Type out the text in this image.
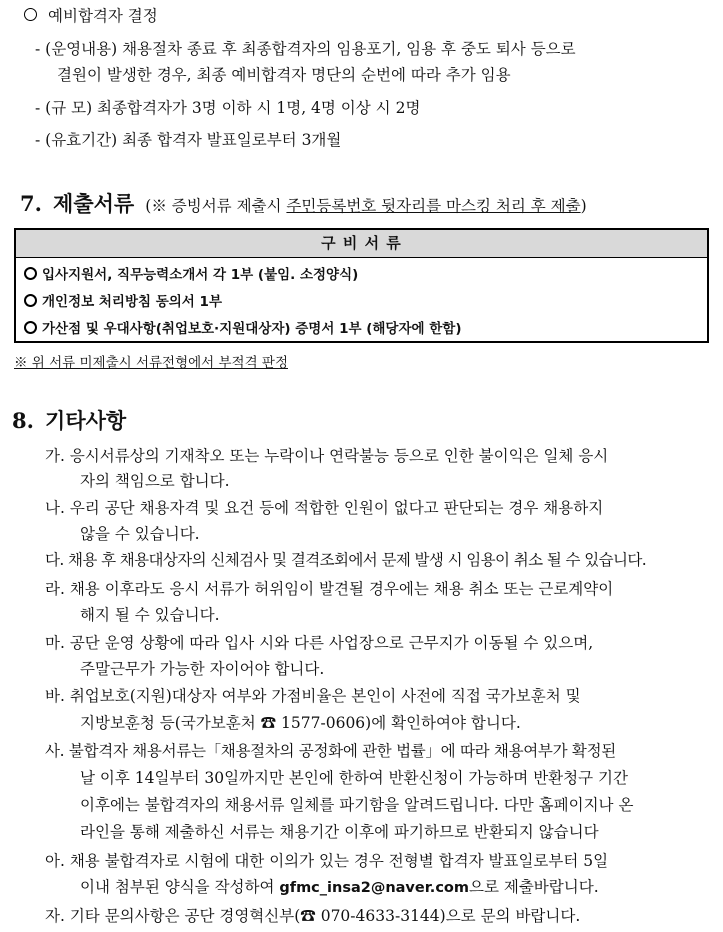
예비합격자 결정
- (운영내용) 채용절차 종료 후 최종합격자의 임용포기, 임용 후 중도 퇴사 등으로
결원이 발생한 경우, 최종 예비합격자 명단의 순번에 따라 추가 임용
- (규 모) 최종합격자가 3명 이하 시 1명, 4명 이상 시 2명
- (유효기간) 최종 합격자 발표일로부터 3개월
7. 제출서류 (※ 증빙서류 제출시 주민등록번호 뒷자리를 마스킹 처리 후 제출)
구 비 서 류
입사지원서, 직무능력소개서 각 1부 (붙임. 소정양식)
개인정보 처리방침 동의서 1부
가산점 및 우대사항(취업보호·지원대상자) 증명서 1부 (해당자에 한함)
※ 위 서류 미제출시 서류전형에서 부적격 판정
8. 기타사항
가. 응시서류상의 기재착오 또는 누락이나 연락불능 등으로 인한 불이익은 일체 응시
자의 책임으로 합니다.
나. 우리 공단 채용자격 및 요건 등에 적합한 인원이 없다고 판단되는 경우 채용하지
않을 수 있습니다.
다. 채용 후 채용대상자의 신체검사 및 결격조회에서 문제 발생 시 임용이 취소 될 수 있습니다.
라. 채용 이후라도 응시 서류가 허위임이 발견될 경우에는 채용 취소 또는 근로계약이
해지 될 수 있습니다.
마. 공단 운영 상황에 따라 입사 시와 다른 사업장으로 근무지가 이동될 수 있으며,
주말근무가 가능한 자이어야 합니다.
바. 취업보호(지원)대상자 여부와 가점비율은 본인이 사전에 직접 국가보훈처 및
지방보훈청 등(국가보훈처 ☎ 1577-0606)에 확인하여야 합니다.
사. 불합격자 채용서류는「채용절차의 공정화에 관한 법률」에 따라 채용여부가 확정된
날 이후 14일부터 30일까지만 본인에 한하여 반환신청이 가능하며 반환청구 기간
이후에는 불합격자의 채용서류 일체를 파기함을 알려드립니다. 다만 홈페이지나 온
라인을 통해 제출하신 서류는 채용기간 이후에 파기하므로 반환되지 않습니다
아. 채용 불합격자로 시험에 대한 이의가 있는 경우 전형별 합격자 발표일로부터 5일
이내 첨부된 양식을 작성하여 gfmc_insa2@naver.com으로 제출바랍니다.
자. 기타 문의사항은 공단 경영혁신부(☎ 070-4633-3144)으로 문의 바랍니다.
